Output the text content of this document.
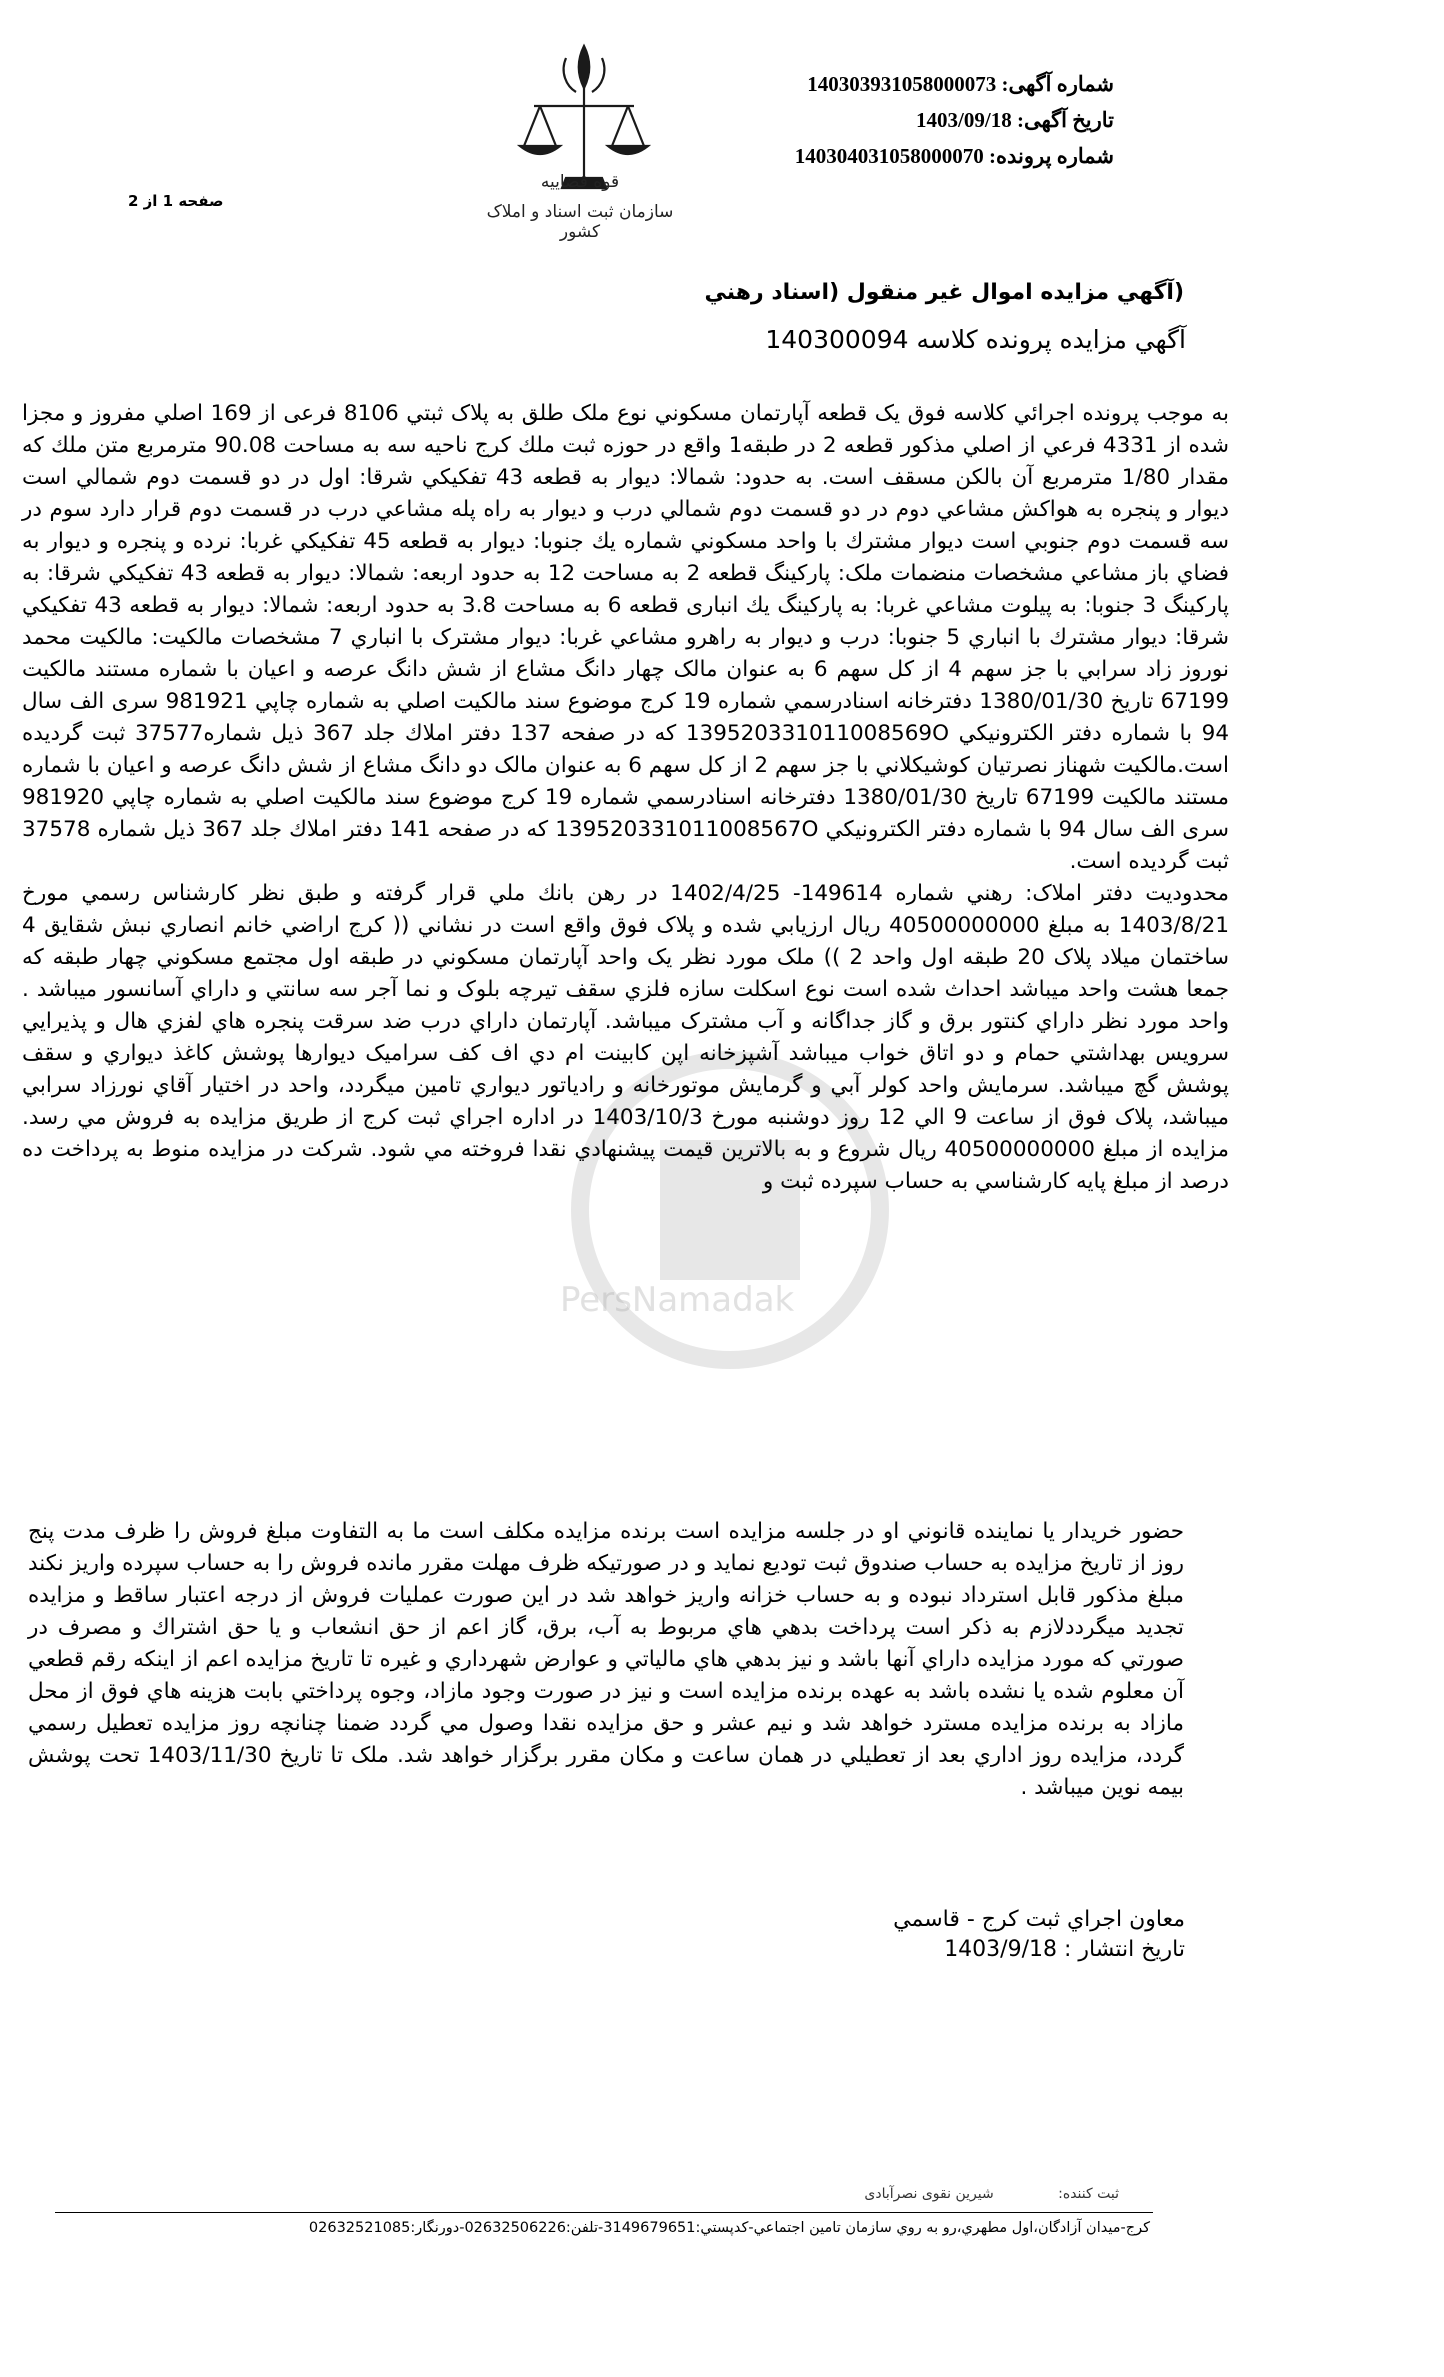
شماره آگهی: 14030393105800007​3
تاریخ آگهی: 1403/09/18
شماره پرونده: 140304031058000070
قوه قضاییه
سازمان ثبت اسناد و املاک کشور
صفحه 1 از 2
PersNamadak
(آگهي مزايده اموال غير منقول (اسناد رهني
آگهي مزايده پرونده كلاسه 140300094
به موجب پرونده اجرائي كلاسه فوق يک قطعه آپارتمان مسكوني نوع ملک طلق به پلاک ثبتي 8106 فرعی از 169 اصلي مفروز و مجزا شده از 4331 فرعي از اصلي مذكور قطعه 2 در طبقه1 واقع در حوزه ثبت ملك كرج ناحيه سه به مساحت 90.08 مترمربع متن ملك كه مقدار 1/80 مترمربع آن بالكن مسقف است. به حدود: شمالا: ديوار به قطعه 43 تفكيكي شرقا: اول در دو قسمت دوم شمالي است ديوار و پنجره به هواكش مشاعي دوم در دو قسمت دوم شمالي درب و ديوار به راه پله مشاعي درب در قسمت دوم قرار دارد سوم در سه قسمت دوم جنوبي است ديوار مشترك با واحد مسكوني شماره يك جنوبا: ديوار به قطعه 45 تفكيكي غربا: نرده و پنجره و ديوار به فضاي باز مشاعي مشخصات منضمات ملک: پاركينگ قطعه 2 به مساحت 12 به حدود اربعه: شمالا: ديوار به قطعه 43 تفكيكي شرقا: به پاركينگ 3 جنوبا: به پيلوت مشاعي غربا: به پاركينگ يك انباری قطعه 6 به مساحت 3.8 به حدود اربعه: شمالا: ديوار به قطعه 43 تفكيكي شرقا: ديوار مشترك با انباري 5 جنوبا: درب و ديوار به راهرو مشاعي غربا: ديوار مشترک با انباري 7 مشخصات مالكيت: مالكيت محمد نوروز زاد سرابي با جز سهم 4 از كل سهم 6 به عنوان مالک چهار دانگ مشاع از شش دانگ عرصه و اعيان با شماره مستند مالكيت 67199 تاريخ 1380/01/30 دفترخانه اسنادرسمي شماره 19 كرج موضوع سند مالكيت اصلي به شماره چاپي 981921 سری الف سال 94 با شماره دفتر الكترونيكي 139520331011008569O كه در صفحه 137 دفتر املاك جلد 367 ذيل شماره37577 ثبت گرديده است.مالكيت شهناز نصرتيان كوشيكلاني با جز سهم 2 از كل سهم 6 به عنوان مالک دو دانگ مشاع از شش دانگ عرصه و اعيان با شماره مستند مالكيت 67199 تاريخ 1380/01/30 دفترخانه اسنادرسمي شماره 19 كرج موضوع سند مالكيت اصلي به شماره چاپي 981920 سری الف سال 94 با شماره دفتر الكترونيكي 139520331011008567O كه در صفحه 141 دفتر املاك جلد 367 ذيل شماره 37578 ثبت گرديده است.
محدوديت دفتر املاک: رهني شماره 149614- 1402/4/25 در رهن بانك ملي قرار گرفته و طبق نظر كارشناس رسمي مورخ 1403/8/21 به مبلغ 40500000000 ريال ارزيابي شده و پلاک فوق واقع است در نشاني (( كرج اراضي خانم انصاري نبش شقايق 4 ساختمان ميلاد پلاک 20 طبقه اول واحد 2 )) ملک مورد نظر يک واحد آپارتمان مسكوني در طبقه اول مجتمع مسكوني چهار طبقه كه جمعا هشت واحد ميباشد احداث شده است نوع اسكلت سازه فلزي سقف تيرچه بلوک و نما آجر سه سانتي و داراي آسانسور ميباشد . واحد مورد نظر داراي كنتور برق و گاز جداگانه و آب مشترک ميباشد. آپارتمان داراي درب ضد سرقت پنجره هاي لفزي هال و پذيرايي سرويس بهداشتي حمام و دو اتاق خواب ميباشد آشپزخانه اپن كابينت ام دي اف كف سراميک ديوارها پوشش كاغذ ديواري و سقف پوشش گچ ميباشد. سرمايش واحد كولر آبي و گرمايش موتورخانه و رادياتور ديواري تامين ميگردد، واحد در اختيار آقاي نورزاد سرابي ميباشد، پلاک فوق از ساعت 9 الي 12 روز دوشنبه مورخ 1403/10/3 در اداره اجراي ثبت كرج از طريق مزايده به فروش مي رسد. مزايده از مبلغ 40500000000 ريال شروع و به بالاترين قيمت پيشنهادي نقدا فروخته مي شود. شركت در مزايده منوط به پرداخت ده درصد از مبلغ پايه كارشناسي به حساب سپرده ثبت و
حضور خريدار يا نماينده قانوني او در جلسه مزايده است برنده مزايده مكلف است ما به التفاوت مبلغ فروش را ظرف مدت پنج روز از تاريخ مزايده به حساب صندوق ثبت توديع نمايد و در صورتيكه ظرف مهلت مقرر مانده فروش را به حساب سپرده واريز نكند مبلغ مذكور قابل استرداد نبوده و به حساب خزانه واريز خواهد شد در اين صورت عمليات فروش از درجه اعتبار ساقط و مزايده تجديد ميگرددلازم به ذكر است پرداخت بدهي هاي مربوط به آب، برق، گاز اعم از حق انشعاب و يا حق اشتراك و مصرف در صورتي كه مورد مزايده داراي آنها باشد و نيز بدهي هاي مالياتي و عوارض شهرداري و غيره تا تاريخ مزايده اعم از اينكه رقم قطعي آن معلوم شده يا نشده باشد به عهده برنده مزايده است و نيز در صورت وجود مازاد، وجوه پرداختي بابت هزينه هاي فوق از محل مازاد به برنده مزايده مسترد خواهد شد و نيم عشر و حق مزايده نقدا وصول مي گردد ضمنا چنانچه روز مزايده تعطيل رسمي گردد، مزايده روز اداري بعد از تعطيلي در همان ساعت و مكان مقرر برگزار خواهد شد. ملک تا تاريخ 1403/11/30 تحت پوشش بيمه نوين ميباشد .
معاون اجراي ثبت كرج - قاسمي
تاريخ انتشار : 1403/9/18
ثبت کننده: شیرین نقوی نصرآبادی
كرج-ميدان آزادگان،اول مطهري،رو به روي سازمان تامين اجتماعي-كدپستي:3149679651-تلفن:02632506226-دورنگار:02632521085
